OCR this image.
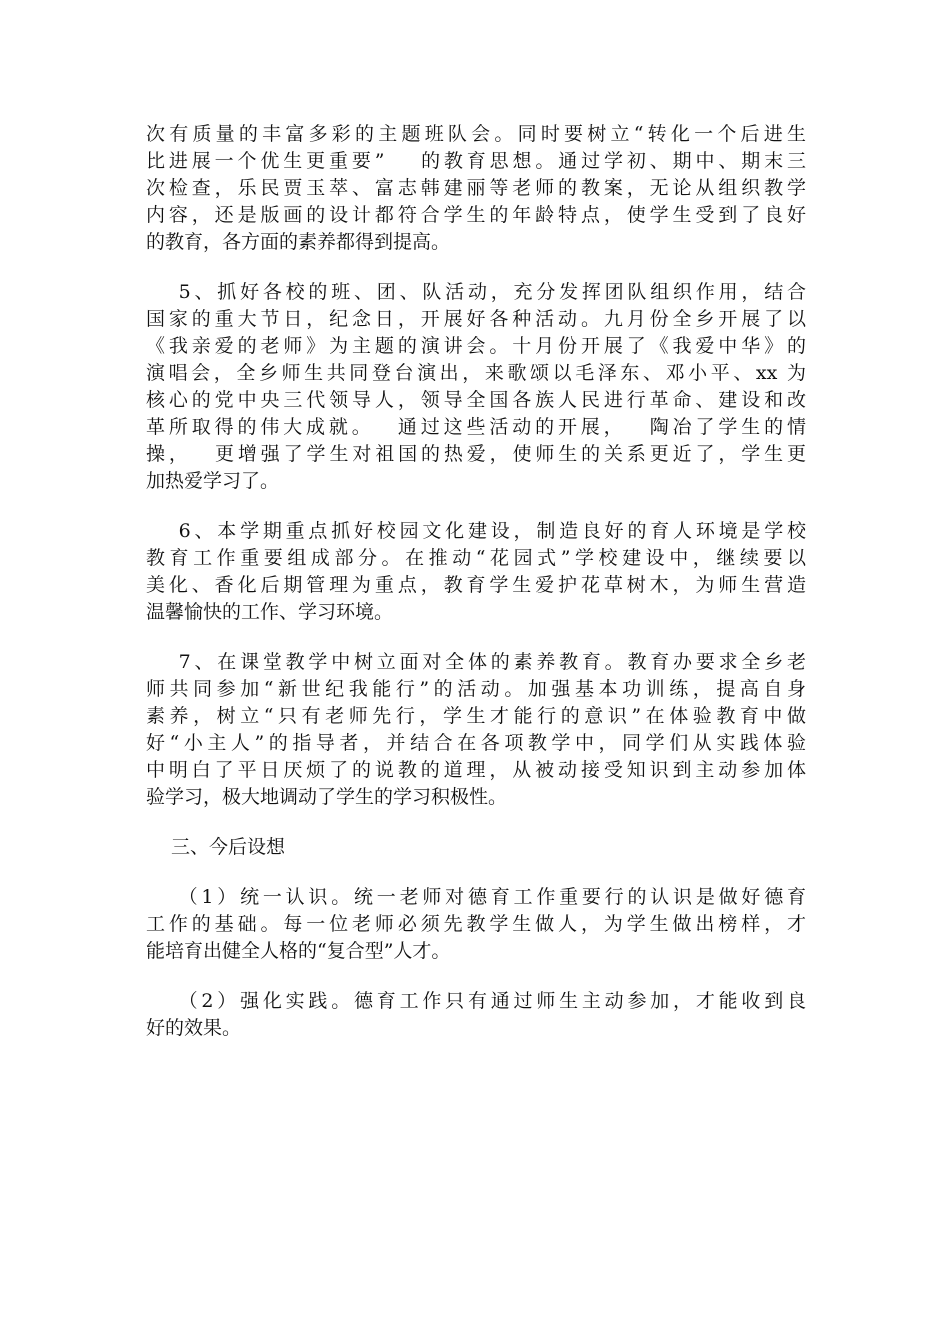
次有质量的丰富多彩的主题班队会。同时要树立“转化一个后进生
比进展一个优生更重要”　 的教育思想。通过学初、期中、期末三
次检查，乐民贾玉萃、富志韩建丽等老师的教案，无论从组织教学
内容，还是版画的设计都符合学生的年龄特点，使学生受到了良好
的教育，各方面的素养都得到提高。
　 5、抓好各校的班、团、队活动，充分发挥团队组织作用，结合
国家的重大节日，纪念日，开展好各种活动。九月份全乡开展了以
《我亲爱的老师》为主题的演讲会。十月份开展了《我爱中华》的
演唱会，全乡师生共同登台演出，来歌颂以毛泽东、邓小平、xx 为
核心的党中央三代领导人，领导全国各族人民进行革命、建设和改
革所取得的伟大成就。　 通过这些活动的开展，　 陶冶了学生的情
操，　 更增强了学生对祖国的热爱，使师生的关系更近了，学生更
加热爱学习了。
　 6、本学期重点抓好校园文化建设，制造良好的育人环境是学校
教育工作重要组成部分。在推动“花园式”学校建设中，继续要以
美化、香化后期管理为重点，教育学生爱护花草树木，为师生营造
温馨愉快的工作、学习环境。
　 7、在课堂教学中树立面对全体的素养教育。教育办要求全乡老
师共同参加“新世纪我能行”的活动。加强基本功训练，提高自身
素养，树立“只有老师先行，学生才能行的意识”在体验教育中做
好“小主人”的指导者，并结合在各项教学中，同学们从实践体验
中明白了平日厌烦了的说教的道理，从被动接受知识到主动参加体
验学习，极大地调动了学生的学习积极性。
　 三、今后设想
　 （1）统一认识。统一老师对德育工作重要行的认识是做好德育
工作的基础。每一位老师必须先教学生做人，为学生做出榜样，才
能培育出健全人格的“复合型”人才。
　 （2）强化实践。德育工作只有通过师生主动参加，才能收到良
好的效果。
